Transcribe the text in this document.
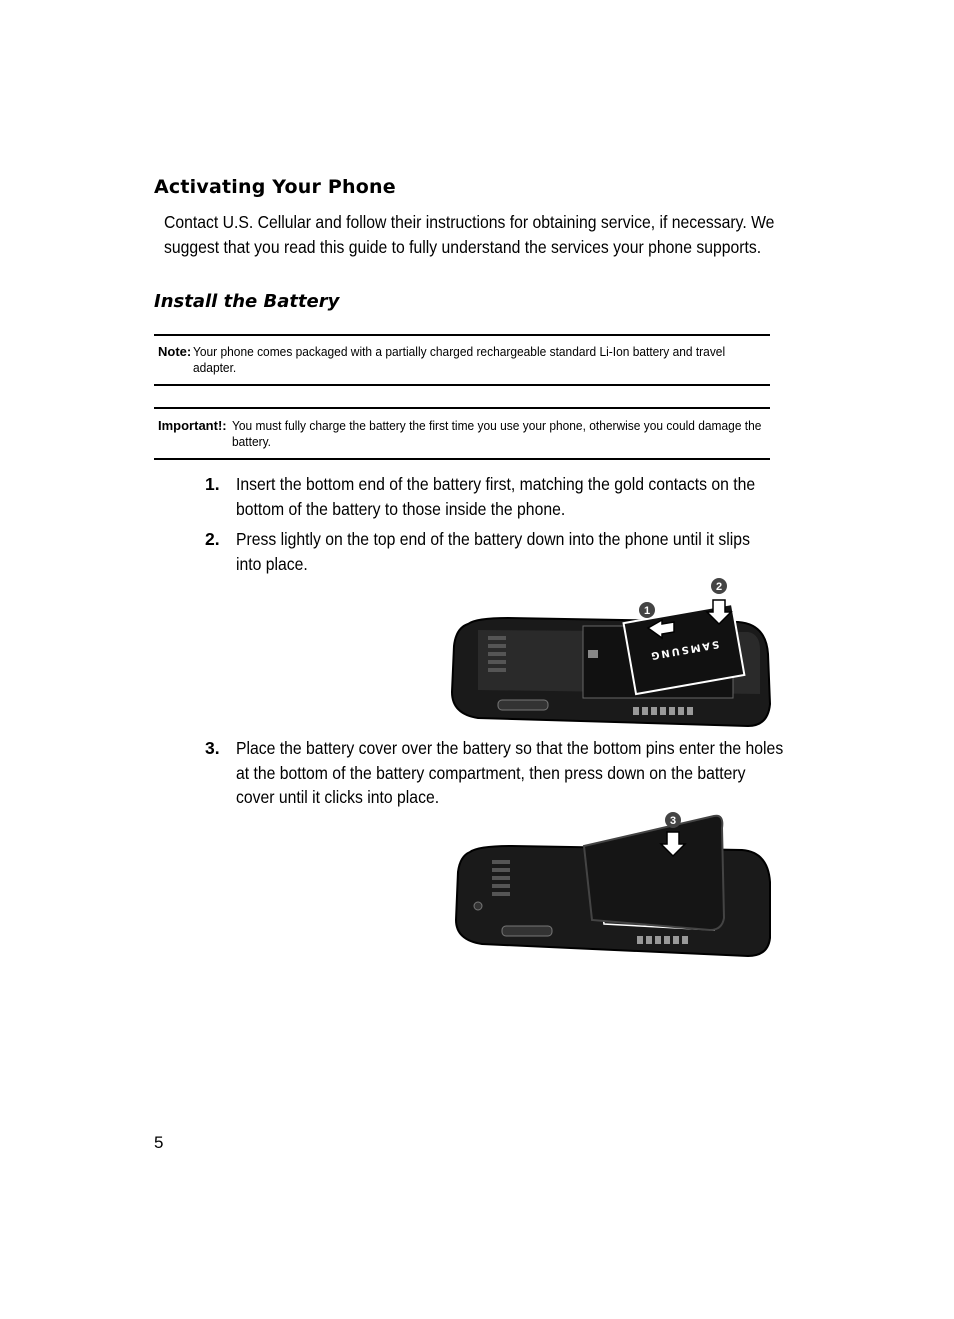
Activating Your Phone
Contact U.S. Cellular and follow their instructions for obtaining service, if necessary. We suggest that you read this guide to fully understand the services your phone supports.
Install the Battery
Note: Your phone comes packaged with a partially charged rechargeable standard Li-Ion battery and travel adapter.
Important!: You must fully charge the battery the first time you use your phone, otherwise you could damage the battery.
1. Insert the bottom end of the battery first, matching the gold contacts on the bottom of the battery to those inside the phone.
2. Press lightly on the top end of the battery down into the phone until it slips into place.
SAMSUNG
1
2
3. Place the battery cover over the battery so that the bottom pins enter the holes at the bottom of the battery compartment, then press down on the battery cover until it clicks into place.
3
5
